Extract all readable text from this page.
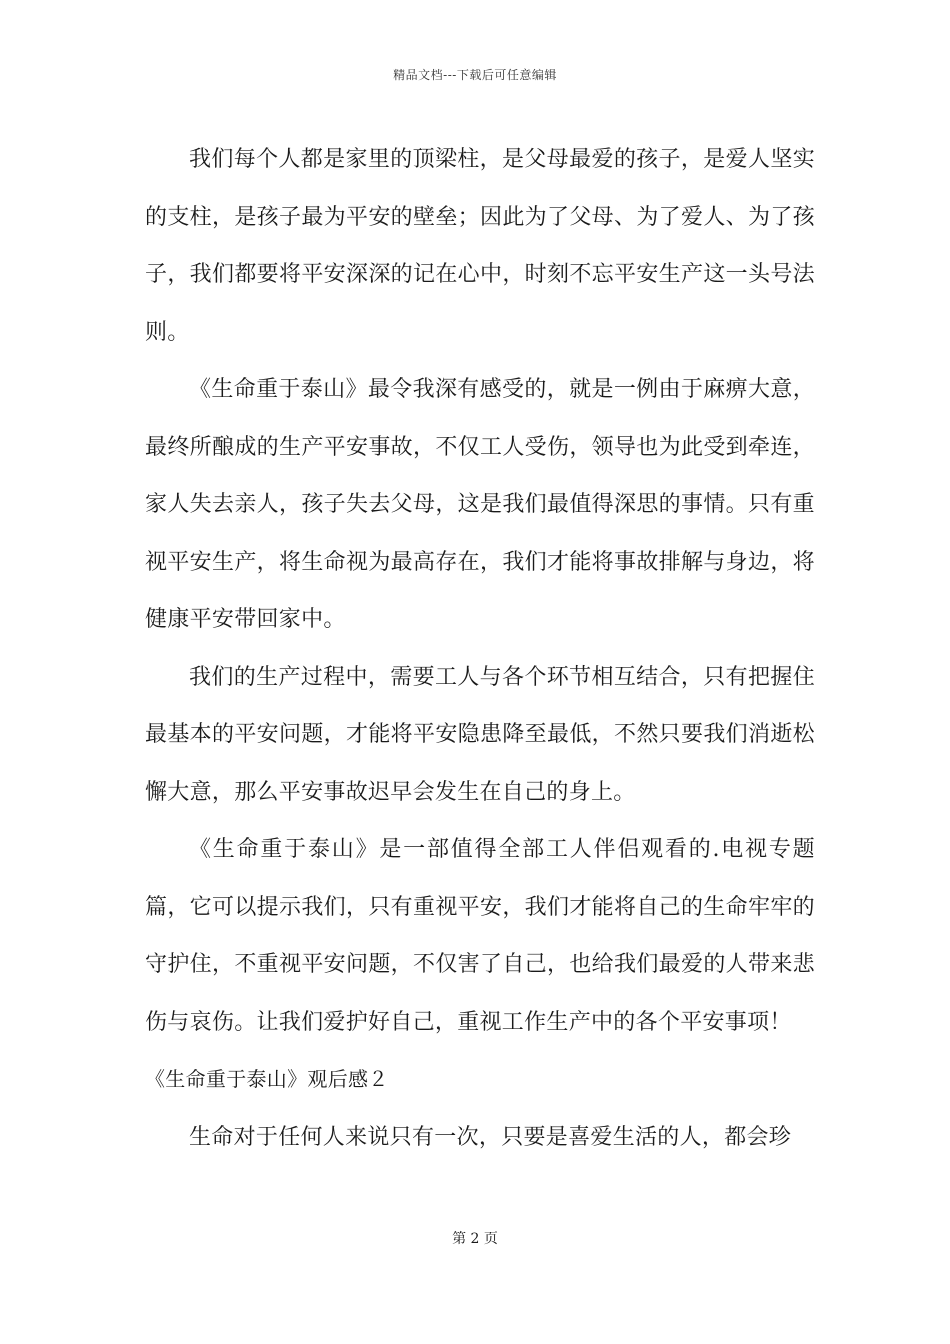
精品文档---下载后可任意编辑

我们每个人都是家里的顶梁柱，是父母最爱的孩子，是爱人坚实的支柱，是孩子最为平安的壁垒；因此为了父母、为了爱人、为了孩子，我们都要将平安深深的记在心中，时刻不忘平安生产这一头号法则。

《生命重于泰山》最令我深有感受的，就是一例由于麻痹大意，最终所酿成的生产平安事故，不仅工人受伤，领导也为此受到牵连，家人失去亲人，孩子失去父母，这是我们最值得深思的事情。只有重视平安生产，将生命视为最高存在，我们才能将事故排解与身边，将健康平安带回家中。

我们的生产过程中，需要工人与各个环节相互结合，只有把握住最基本的平安问题，才能将平安隐患降至最低，不然只要我们消逝松懈大意，那么平安事故迟早会发生在自己的身上。

《生命重于泰山》是一部值得全部工人伴侣观看的.电视专题篇，它可以提示我们，只有重视平安，我们才能将自己的生命牢牢的守护住，不重视平安问题，不仅害了自己，也给我们最爱的人带来悲伤与哀伤。让我们爱护好自己，重视工作生产中的各个平安事项！

《生命重于泰山》观后感２

生命对于任何人来说只有一次，只要是喜爱生活的人，都会珍

第 2 页
